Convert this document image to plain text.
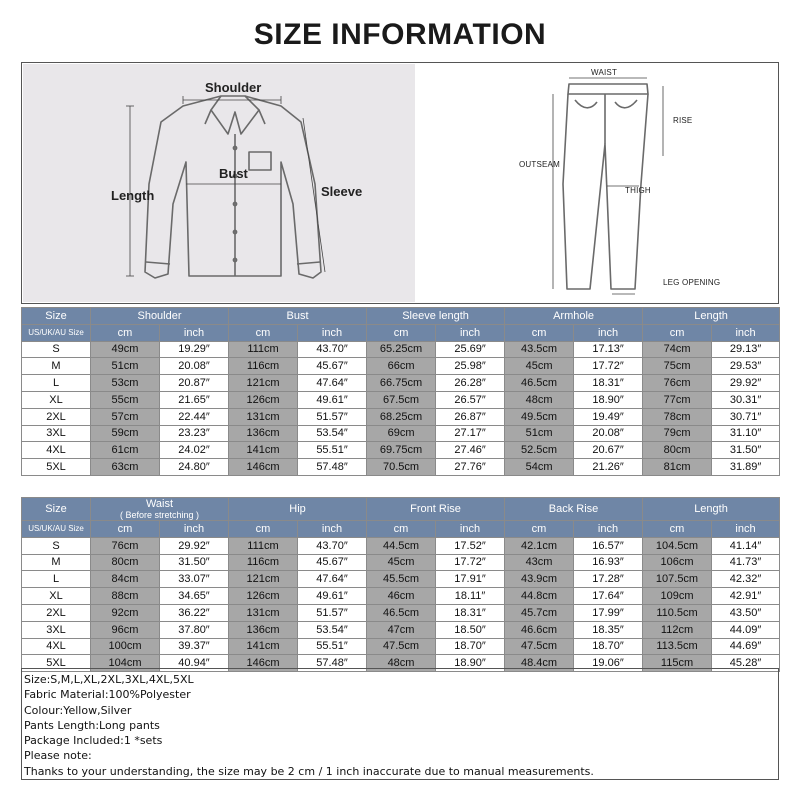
SIZE INFORMATION
Shoulder
Bust
Length	Sleeve
WAIST
RISE
OUTSEAM
THIGH
LEG OPENING
Size	Shoulder		Bust		Sleeve length		Armhole		Length	
US/UK/AU Size	cm	inch	cm	inch	cm	inch	cm	inch	cm	inch
S	49cm	19.29″	111cm	43.70″	65.25cm	25.69″	43.5cm	17.13″	74cm	29.13″
M	51cm	20.08″	116cm	45.67″	66cm	25.98″	45cm	17.72″	75cm	29.53″
L	53cm	20.87″	121cm	47.64″	66.75cm	26.28″	46.5cm	18.31″	76cm	29.92″
XL	55cm	21.65″	126cm	49.61″	67.5cm	26.57″	48cm	18.90″	77cm	30.31″
2XL	57cm	22.44″	131cm	51.57″	68.25cm	26.87″	49.5cm	19.49″	78cm	30.71″
3XL	59cm	23.23″	136cm	53.54″	69cm	27.17″	51cm	20.08″	79cm	31.10″
4XL	61cm	24.02″	141cm	55.51″	69.75cm	27.46″	52.5cm	20.67″	80cm	31.50″
5XL	63cm	24.80″	146cm	57.48″	70.5cm	27.76″	54cm	21.26″	81cm	31.89″
Size	Waist
( Before stretching )		Hip		Front Rise		Back Rise		Length	
US/UK/AU Size	cm	inch	cm	inch	cm	inch	cm	inch	cm	inch
S	76cm	29.92″	111cm	43.70″	44.5cm	17.52″	42.1cm	16.57″	104.5cm	41.14″
M	80cm	31.50″	116cm	45.67″	45cm	17.72″	43cm	16.93″	106cm	41.73″
L	84cm	33.07″	121cm	47.64″	45.5cm	17.91″	43.9cm	17.28″	107.5cm	42.32″
XL	88cm	34.65″	126cm	49.61″	46cm	18.11″	44.8cm	17.64″	109cm	42.91″
2XL	92cm	36.22″	131cm	51.57″	46.5cm	18.31″	45.7cm	17.99″	110.5cm	43.50″
3XL	96cm	37.80″	136cm	53.54″	47cm	18.50″	46.6cm	18.35″	112cm	44.09″
4XL	100cm	39.37″	141cm	55.51″	47.5cm	18.70″	47.5cm	18.70″	113.5cm	44.69″
5XL	104cm	40.94″	146cm	57.48″	48cm	18.90″	48.4cm	19.06″	115cm	45.28″
Size:S,M,L,XL,2XL,3XL,4XL,5XL
Fabric Material:100%Polyester
Colour:Yellow,Silver
Pants Length:Long pants
Package Included:1 *sets
Please note:
Thanks to your understanding, the size may be 2 cm / 1 inch inaccurate due to manual measurements.
